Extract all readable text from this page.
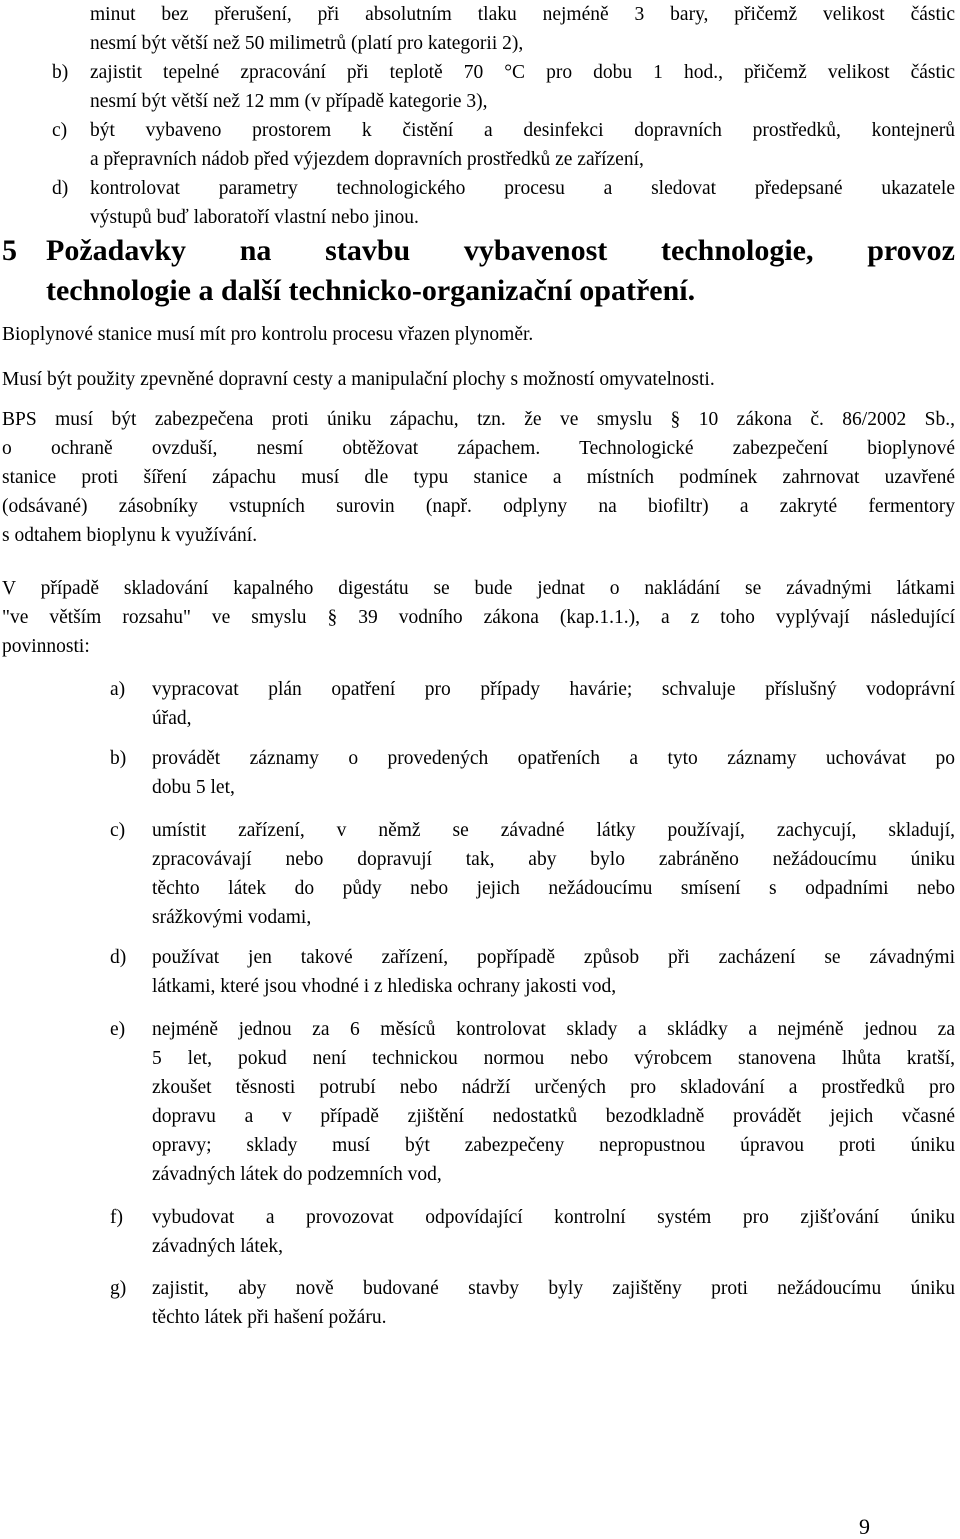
minut bez přerušení, při absolutním tlaku nejméně 3 bary, přičemž velikost částic
nesmí být větší než 50 milimetrů (platí pro kategorii 2),
b) zajistit tepelné zpracování při teplotě 70 °C pro dobu 1 hod., přičemž velikost částic
nesmí být větší než 12 mm (v případě kategorie 3),
c) být vybaveno prostorem k čistění a desinfekci dopravních prostředků, kontejnerů
a přepravních nádob před výjezdem dopravních prostředků ze zařízení,
d) kontrolovat parametry technologického procesu a sledovat předepsané ukazatele
výstupů buď laboratoří vlastní nebo jinou.
5 Požadavky na stavbu vybavenost technologie, provoz
technologie a další technicko-organizační opatření.
Bioplynové stanice musí mít pro kontrolu procesu vřazen plynoměr.
Musí být použity zpevněné dopravní cesty a manipulační plochy s možností omyvatelnosti.
BPS musí být zabezpečena proti úniku zápachu, tzn. že ve smyslu § 10 zákona č. 86/2002 Sb.,
o ochraně ovzduší, nesmí obtěžovat zápachem. Technologické zabezpečení bioplynové
stanice proti šíření zápachu musí dle typu stanice a místních podmínek zahrnovat uzavřené
(odsávané) zásobníky vstupních surovin (např. odplyny na biofiltr) a zakryté fermentory
s odtahem bioplynu k využívání.
V případě skladování kapalného digestátu se bude jednat o nakládání se závadnými látkami
"ve větším rozsahu" ve smyslu § 39 vodního zákona (kap.1.1.), a z toho vyplývají následující
povinnosti:
a) vypracovat plán opatření pro případy havárie; schvaluje příslušný vodoprávní
úřad,
b) provádět záznamy o provedených opatřeních a tyto záznamy uchovávat po
dobu 5 let,
c) umístit zařízení, v němž se závadné látky používají, zachycují, skladují,
zpracovávají nebo dopravují tak, aby bylo zabráněno nežádoucímu úniku
těchto látek do půdy nebo jejich nežádoucímu smísení s odpadními nebo
srážkovými vodami,
d) používat jen takové zařízení, popřípadě způsob při zacházení se závadnými
látkami, které jsou vhodné i z hlediska ochrany jakosti vod,
e) nejméně jednou za 6 měsíců kontrolovat sklady a skládky a nejméně jednou za
5 let, pokud není technickou normou nebo výrobcem stanovena lhůta kratší,
zkoušet těsnosti potrubí nebo nádrží určených pro skladování a prostředků pro
dopravu a v případě zjištění nedostatků bezodkladně provádět jejich včasné
opravy; sklady musí být zabezpečeny nepropustnou úpravou proti úniku
závadných látek do podzemních vod,
f) vybudovat a provozovat odpovídající kontrolní systém pro zjišťování úniku
závadných látek,
g) zajistit, aby nově budované stavby byly zajištěny proti nežádoucímu úniku
těchto látek při hašení požáru.
9
